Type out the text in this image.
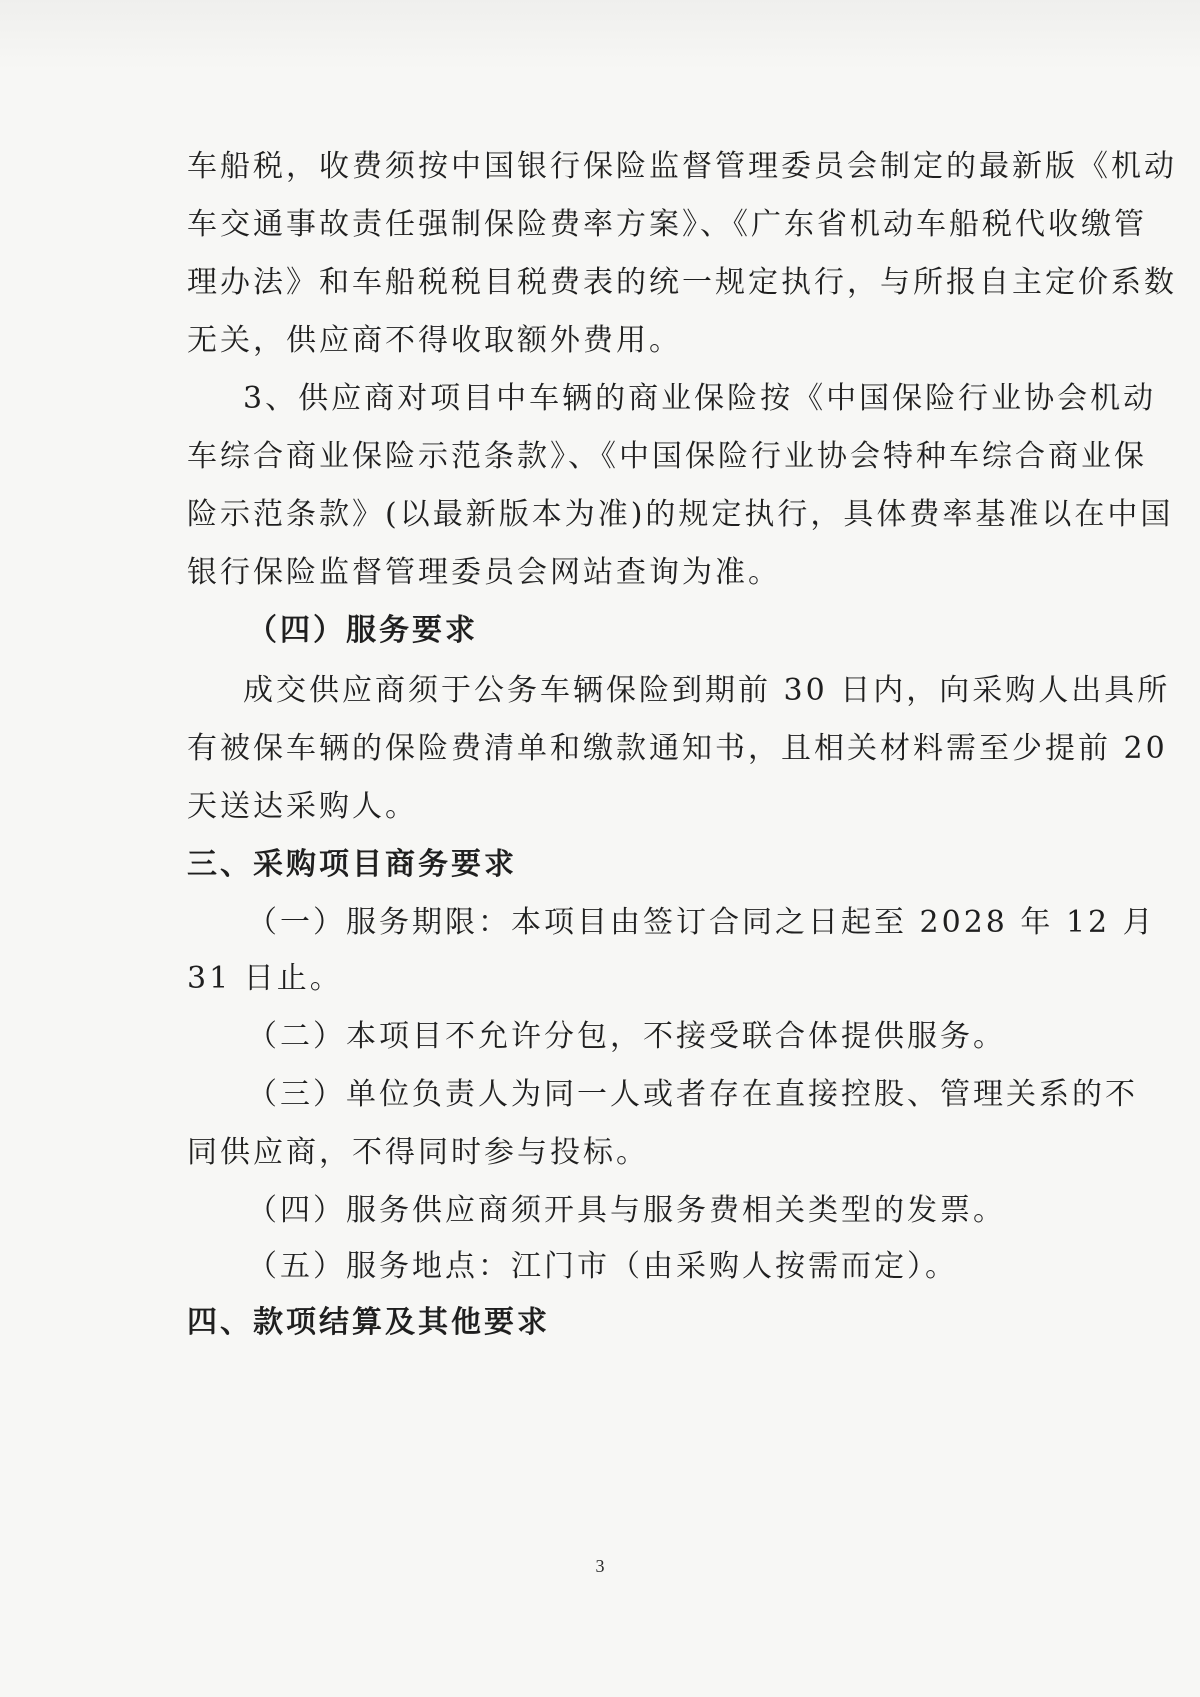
车船税，收费须按中国银行保险监督管理委员会制定的最新版《机动
车交通事故责任强制保险费率方案》、《广东省机动车船税代收缴管
理办法》和车船税税目税费表的统一规定执行，与所报自主定价系数
无关，供应商不得收取额外费用。
3、供应商对项目中车辆的商业保险按《中国保险行业协会机动
车综合商业保险示范条款》、《中国保险行业协会特种车综合商业保
险示范条款》(以最新版本为准)的规定执行，具体费率基准以在中国
银行保险监督管理委员会网站查询为准。
（四）服务要求
成交供应商须于公务车辆保险到期前 30 日内，向采购人出具所
有被保车辆的保险费清单和缴款通知书，且相关材料需至少提前 20
天送达采购人。
三、采购项目商务要求
（一）服务期限：本项目由签订合同之日起至 2028 年 12 月
31 日止。
（二）本项目不允许分包，不接受联合体提供服务。
（三）单位负责人为同一人或者存在直接控股、管理关系的不
同供应商，不得同时参与投标。
（四）服务供应商须开具与服务费相关类型的发票。
（五）服务地点：江门市（由采购人按需而定）。
四、款项结算及其他要求
3
